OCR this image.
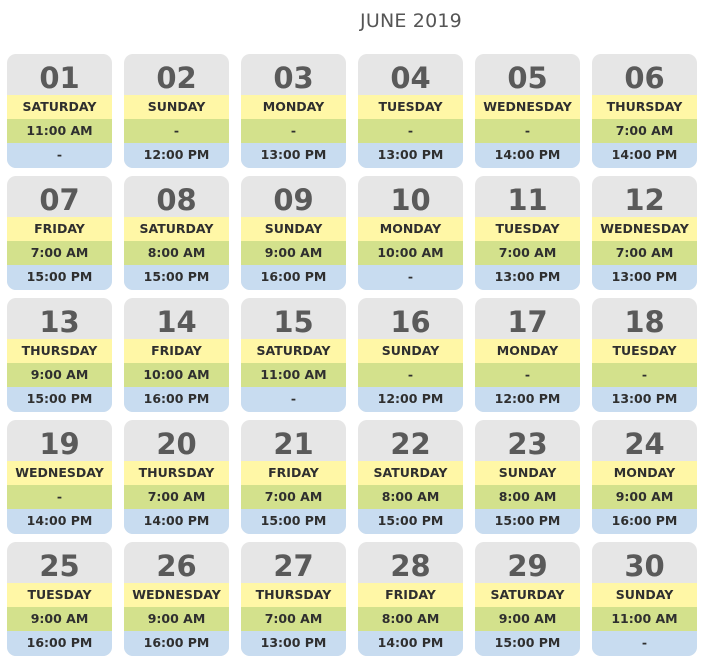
JUNE 2019
01
SATURDAY
11:00 AM
-
02
SUNDAY
-
12:00 PM
03
MONDAY
-
13:00 PM
04
TUESDAY
-
13:00 PM
05
WEDNESDAY
-
14:00 PM
06
THURSDAY
7:00 AM
14:00 PM
07
FRIDAY
7:00 AM
15:00 PM
08
SATURDAY
8:00 AM
15:00 PM
09
SUNDAY
9:00 AM
16:00 PM
10
MONDAY
10:00 AM
-
11
TUESDAY
7:00 AM
13:00 PM
12
WEDNESDAY
7:00 AM
13:00 PM
13
THURSDAY
9:00 AM
15:00 PM
14
FRIDAY
10:00 AM
16:00 PM
15
SATURDAY
11:00 AM
-
16
SUNDAY
-
12:00 PM
17
MONDAY
-
12:00 PM
18
TUESDAY
-
13:00 PM
19
WEDNESDAY
-
14:00 PM
20
THURSDAY
7:00 AM
14:00 PM
21
FRIDAY
7:00 AM
15:00 PM
22
SATURDAY
8:00 AM
15:00 PM
23
SUNDAY
8:00 AM
15:00 PM
24
MONDAY
9:00 AM
16:00 PM
25
TUESDAY
9:00 AM
16:00 PM
26
WEDNESDAY
9:00 AM
16:00 PM
27
THURSDAY
7:00 AM
13:00 PM
28
FRIDAY
8:00 AM
14:00 PM
29
SATURDAY
9:00 AM
15:00 PM
30
SUNDAY
11:00 AM
-
